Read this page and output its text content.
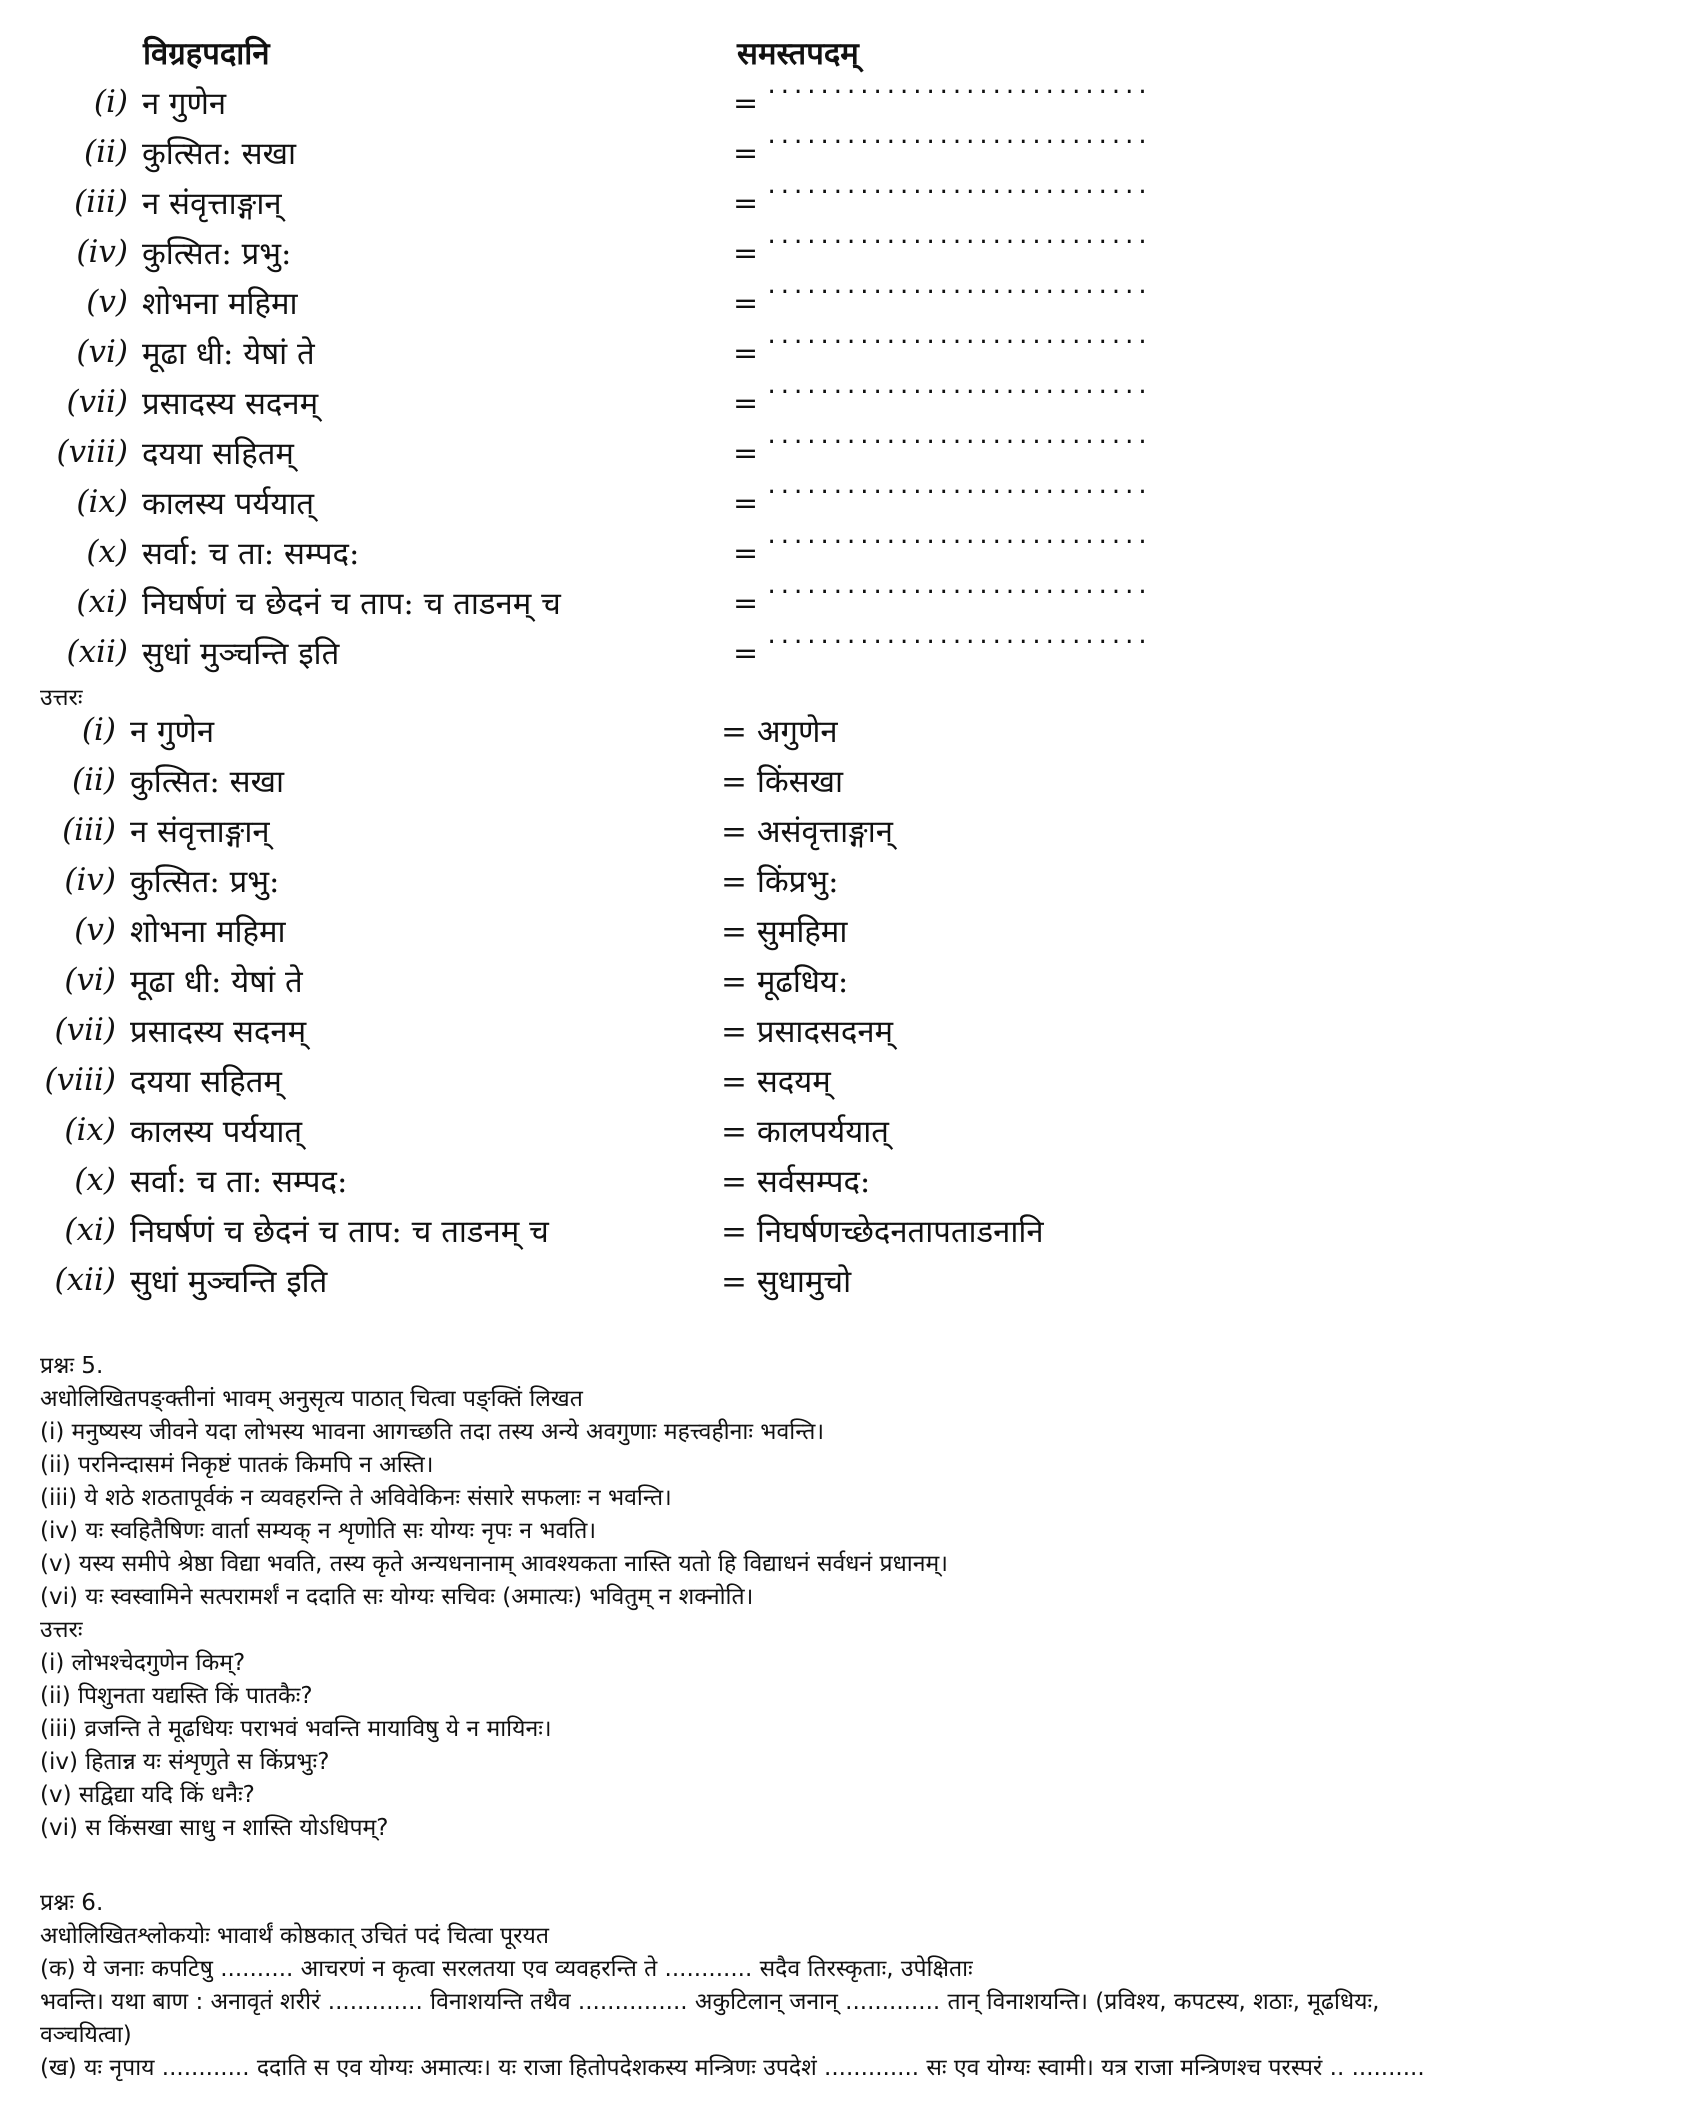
विग्रहपदानि	समस्तपदम्
(i) न गुणेन	= ·····························
(ii) कुत्सित: सखा	= ·····························
(iii) न संवृत्ताङ्गान्	= ·····························
(iv) कुत्सित: प्रभु:	= ·····························
(v) शोभना महिमा	= ·····························
(vi) मूढा धी: येषां ते	= ·····························
(vii) प्रसादस्य सदनम्	= ·····························
(viii) दयया सहितम्	= ·····························
(ix) कालस्य पर्ययात्	= ·····························
(x) सर्वा: च ता: सम्पद:	= ·····························
(xi) निघर्षणं च छेदनं च ताप: च ताडनम् च	= ·····························
(xii) सुधां मुञ्चन्ति इति	= ·····························
उत्तरः
(i) न गुणेन	= अगुणेन
(ii) कुत्सित: सखा	= किंसखा
(iii) न संवृत्ताङ्गान्	= असंवृत्ताङ्गान्
(iv) कुत्सित: प्रभु:	= किंप्रभु:
(v) शोभना महिमा	= सुमहिमा
(vi) मूढा धी: येषां ते	= मूढधिय:
(vii) प्रसादस्य सदनम्	= प्रसादसदनम्
(viii) दयया सहितम्	= सदयम्
(ix) कालस्य पर्ययात्	= कालपर्ययात्
(x) सर्वा: च ता: सम्पद:	= सर्वसम्पद:
(xi) निघर्षणं च छेदनं च ताप: च ताडनम् च	= निघर्षणच्छेदनतापताडनानि
(xii) सुधां मुञ्चन्ति इति	= सुधामुचो
प्रश्नः 5.
अधोलिखितपङ्क्तीनां भावम् अनुसृत्य पाठात् चित्वा पङ्क्तिं लिखत
(i) मनुष्यस्य जीवने यदा लोभस्य भावना आगच्छति तदा तस्य अन्ये अवगुणाः महत्त्वहीनाः भवन्ति।
(ii) परनिन्दासमं निकृष्टं पातकं किमपि न अस्ति।
(iii) ये शठे शठतापूर्वकं न व्यवहरन्ति ते अविवेकिनः संसारे सफलाः न भवन्ति।
(iv) यः स्वहितैषिणः वार्ता सम्यक् न शृणोति सः योग्यः नृपः न भवति।
(v) यस्य समीपे श्रेष्ठा विद्या भवति, तस्य कृते अन्यधनानाम् आवश्यकता नास्ति यतो हि विद्याधनं सर्वधनं प्रधानम्।
(vi) यः स्वस्वामिने सत्परामर्शं न ददाति सः योग्यः सचिवः (अमात्यः) भवितुम् न शक्नोति।
उत्तरः
(i) लोभश्चेदगुणेन किम्?
(ii) पिशुनता यद्यस्ति किं पातकैः?
(iii) व्रजन्ति ते मूढधियः पराभवं भवन्ति मायाविषु ये न मायिनः।
(iv) हितान्न यः संशृणुते स किंप्रभुः?
(v) सद्विद्या यदि किं धनैः?
(vi) स किंसखा साधु न शास्ति योऽधिपम्?
प्रश्नः 6.
अधोलिखितश्लोकयोः भावार्थं कोष्ठकात् उचितं पदं चित्वा पूरयत
(क) ये जनाः कपटिषु .......... आचरणं न कृत्वा सरलतया एव व्यवहरन्ति ते ............ सदैव तिरस्कृताः, उपेक्षिताः
भवन्ति। यथा बाण : अनावृतं शरीरं ............. विनाशयन्ति तथैव ............... अकुटिलान् जनान् ............. तान् विनाशयन्ति। (प्रविश्य, कपटस्य, शठाः, मूढधियः,
वञ्चयित्वा)
(ख) यः नृपाय ............ ददाति स एव योग्यः अमात्यः। यः राजा हितोपदेशकस्य मन्त्रिणः उपदेशं ............. सः एव योग्यः स्वामी। यत्र राजा मन्त्रिणश्च परस्परं .. ..........
